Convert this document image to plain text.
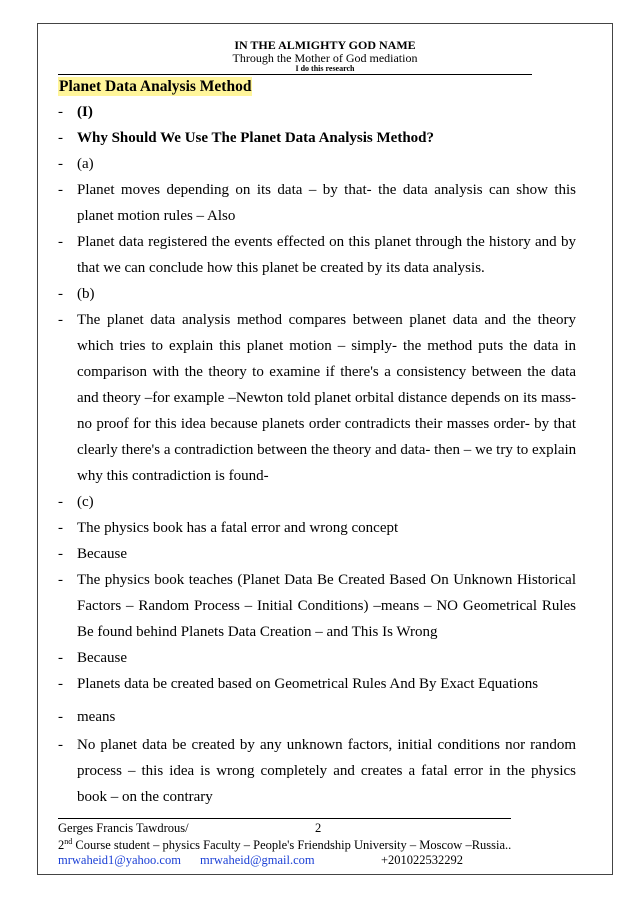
IN THE ALMIGHTY GOD NAME
Through the Mother of God mediation
I do this research
Planet Data Analysis Method
- (I)
- Why Should We Use The Planet Data Analysis Method?
- (a)
- Planet moves depending on its data – by that- the data analysis can show this
planet motion rules – Also
- Planet data registered the events effected on this planet through the history and by
that we can conclude how this planet be created by its data analysis.
- (b)
- The planet data analysis method compares between planet data and the theory
which tries to explain this planet motion – simply- the method puts the data in
comparison with the theory to examine if there's a consistency between the data
and theory –for example –Newton told planet orbital distance depends on its mass-
no proof for this idea because planets order contradicts their masses order- by that
clearly there's a contradiction between the theory and data- then – we try to explain
why this contradiction is found-
- (c)
- The physics book has a fatal error and wrong concept
- Because
- The physics book teaches (Planet Data Be Created Based On Unknown Historical
Factors – Random Process – Initial Conditions) –means – NO Geometrical Rules
Be found behind Planets Data Creation – and This Is Wrong
- Because
- Planets data be created based on Geometrical Rules And By Exact Equations
- means
- No planet data be created by any unknown factors, initial conditions nor random
process – this idea is wrong completely and creates a fatal error in the physics
book – on the contrary
Gerges Francis Tawdrous/	2
2nd Course student – physics Faculty – People's Friendship University – Moscow –Russia..
mrwaheid1@yahoo.com mrwaheid@gmail.com	+201022532292
